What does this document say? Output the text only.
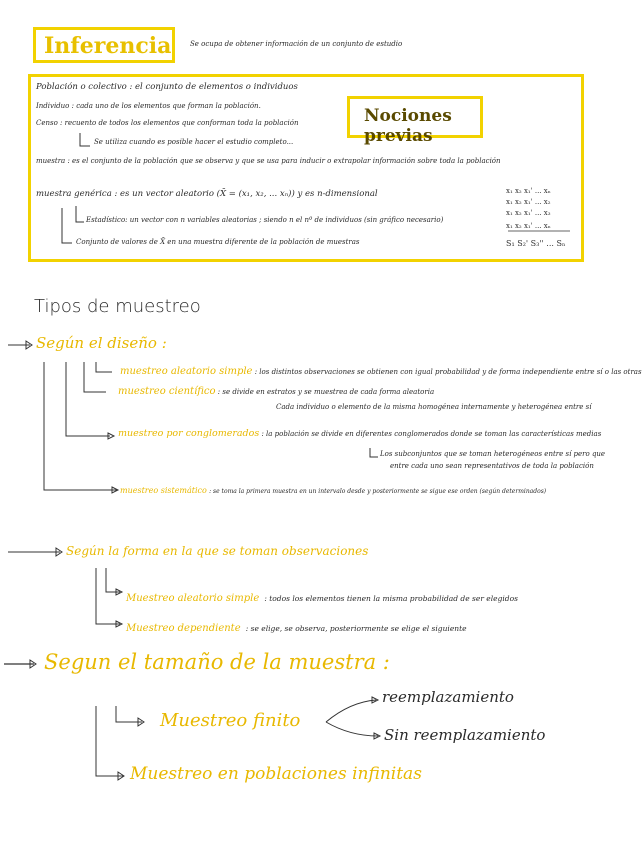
Inferencia	Se ocupa de obtener información de un conjunto de estudio
Nociones previas
Población o colectivo : el conjunto de elementos o individuos
Individuo : cada uno de los elementos que forman la población.
Censo : recuento de todos los elementos que conforman toda la población
Se utiliza cuando es posible hacer el estudio completo...
muestra : es el conjunto de la población que se observa y que se usa para inducir o extrapolar información sobre toda la población
muestra genérica : es un vector aleatorio (X̄ = (x₁, x₂, ... xₙ)) y es n-dimensional
Estadístico: un vector con n variables aleatorias ; siendo n el nº de individuos (sin gráfico necesario)
Conjunto de valores de X̄ en una muestra diferente de la población de muestras
x₁ x₂ x₁' ... xₙ
x₁ x₂ x₁' ... x₂
x₁ x₂ x₁' ... x₃
x₁ x₂ x₁' ... xₙ
S₁ S₂' S₃'' ... Sₙ
Tipos de muestreo
Según el diseño :
muestreo aleatorio simple : los distintos observaciones se obtienen con igual probabilidad y de forma independiente entre sí o las otras
muestreo científico : se divide en estratos y se muestrea de cada forma aleatoria
Cada individuo o elemento de la misma homogénea internamente y heterogénea entre sí
muestreo por conglomerados : la población se divide en diferentes conglomerados donde se toman las características medias
Los subconjuntos que se toman heterogéneos entre sí pero que
entre cada uno sean representativos de toda la población
muestreo sistemático : se toma la primera muestra en un intervalo desde y posteriormente se sigue ese orden (según determinados)
Según la forma en la que se toman observaciones
Muestreo aleatorio simple : todos los elementos tienen la misma probabilidad de ser elegidos
Muestreo dependiente : se elige, se observa, posteriormente se elige el siguiente
Segun el tamaño de la muestra :
Muestreo finito
reemplazamiento
Sin reemplazamiento
Muestreo en poblaciones infinitas
